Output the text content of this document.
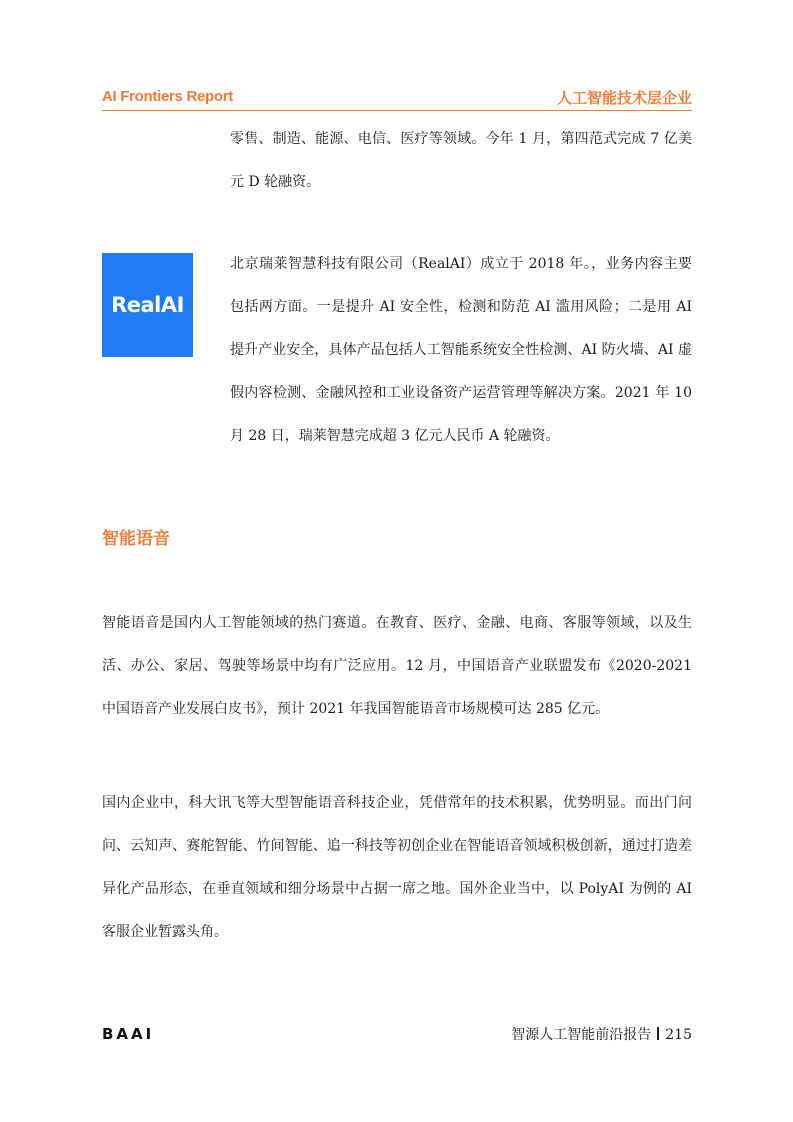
AI Frontiers Report	人工智能技术层企业

零售、制造、能源、电信、医疗等领域。今年 1 月，第四范式完成 7 亿美元 D 轮融资。

RealAI

北京瑞莱智慧科技有限公司（RealAI）成立于 2018 年。，业务内容主要包括两方面。一是提升 AI 安全性，检测和防范 AI 滥用风险；二是用 AI 提升产业安全，具体产品包括人工智能系统安全性检测、AI 防火墙、AI 虚假内容检测、金融风控和工业设备资产运营管理等解决方案。2021 年 10 月 28 日，瑞莱智慧完成超 3 亿元人民币 A 轮融资。

智能语音

智能语音是国内人工智能领域的热门赛道。在教育、医疗、金融、电商、客服等领域，以及生活、办公、家居、驾驶等场景中均有广泛应用。12 月，中国语音产业联盟发布《2020-2021 中国语音产业发展白皮书》，预计 2021 年我国智能语音市场规模可达 285 亿元。

国内企业中，科大讯飞等大型智能语音科技企业，凭借常年的技术积累，优势明显。而出门问问、云知声、赛舵智能、竹间智能、追一科技等初创企业在智能语音领域积极创新，通过打造差异化产品形态，在垂直领域和细分场景中占据一席之地。国外企业当中，以 PolyAI 为例的 AI 客服企业暂露头角。

BAAI	智源人工智能前沿报告 215
